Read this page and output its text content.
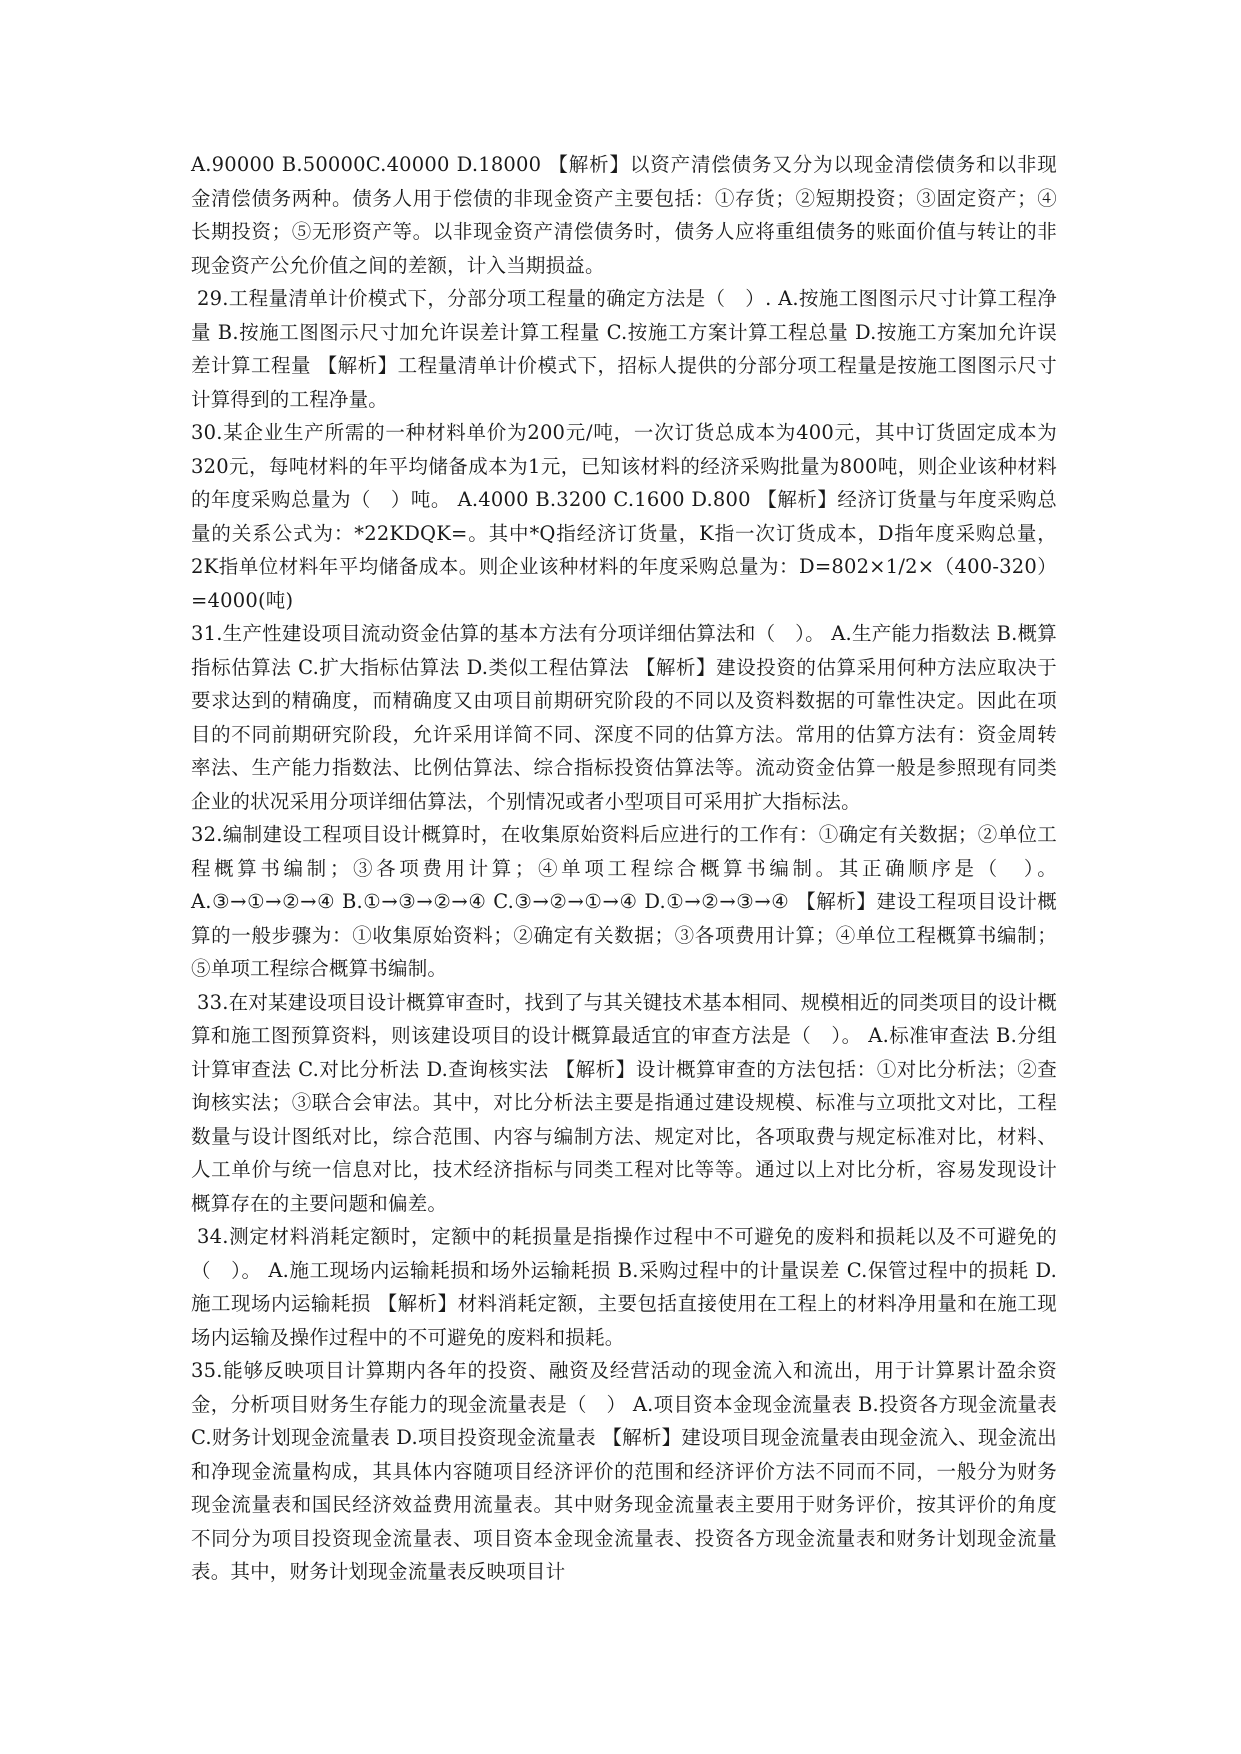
A.90000 B.50000C.40000 D.18000 【解析】以资产清偿债务又分为以现金清偿债务和以非现金清偿债务两种。债务人用于偿债的非现金资产主要包括：①存货；②短期投资；③固定资产；④长期投资；⑤无形资产等。以非现金资产清偿债务时，债务人应将重组债务的账面价值与转让的非现金资产公允价值之间的差额，计入当期损益。

29.工程量清单计价模式下，分部分项工程量的确定方法是（　）. A.按施工图图示尺寸计算工程净量 B.按施工图图示尺寸加允许误差计算工程量 C.按施工方案计算工程总量 D.按施工方案加允许误差计算工程量 【解析】工程量清单计价模式下，招标人提供的分部分项工程量是按施工图图示尺寸计算得到的工程净量。

30.某企业生产所需的一种材料单价为200元/吨，一次订货总成本为400元，其中订货固定成本为320元，每吨材料的年平均储备成本为1元，已知该材料的经济采购批量为800吨，则企业该种材料的年度采购总量为（　）吨。 A.4000 B.3200 C.1600 D.800 【解析】经济订货量与年度采购总量的关系公式为：*22KDQK=。其中*Q指经济订货量，K指一次订货成本，D指年度采购总量，2K指单位材料年平均储备成本。则企业该种材料的年度采购总量为：D=802×1/2×（400-320）=4000(吨)

31.生产性建设项目流动资金估算的基本方法有分项详细估算法和（　）。 A.生产能力指数法 B.概算指标估算法 C.扩大指标估算法 D.类似工程估算法 【解析】建设投资的估算采用何种方法应取决于要求达到的精确度，而精确度又由项目前期研究阶段的不同以及资料数据的可靠性决定。因此在项目的不同前期研究阶段，允许采用详简不同、深度不同的估算方法。常用的估算方法有：资金周转率法、生产能力指数法、比例估算法、综合指标投资估算法等。流动资金估算一般是参照现有同类企业的状况采用分项详细估算法，个别情况或者小型项目可采用扩大指标法。

32.编制建设工程项目设计概算时，在收集原始资料后应进行的工作有：①确定有关数据；②单位工程概算书编制；③各项费用计算；④单项工程综合概算书编制。其正确顺序是（　）。 A.③→①→②→④ B.①→③→②→④ C.③→②→①→④ D.①→②→③→④ 【解析】建设工程项目设计概算的一般步骤为：①收集原始资料；②确定有关数据；③各项费用计算；④单位工程概算书编制；⑤单项工程综合概算书编制。

33.在对某建设项目设计概算审查时，找到了与其关键技术基本相同、规模相近的同类项目的设计概算和施工图预算资料，则该建设项目的设计概算最适宜的审查方法是（　）。 A.标准审查法 B.分组计算审查法 C.对比分析法 D.查询核实法 【解析】设计概算审查的方法包括：①对比分析法；②查询核实法；③联合会审法。其中，对比分析法主要是指通过建设规模、标准与立项批文对比，工程数量与设计图纸对比，综合范围、内容与编制方法、规定对比，各项取费与规定标准对比，材料、人工单价与统一信息对比，技术经济指标与同类工程对比等等。通过以上对比分析，容易发现设计概算存在的主要问题和偏差。

34.测定材料消耗定额时，定额中的耗损量是指操作过程中不可避免的废料和损耗以及不可避免的（　）。 A.施工现场内运输耗损和场外运输耗损 B.采购过程中的计量误差 C.保管过程中的损耗 D.施工现场内运输耗损 【解析】材料消耗定额，主要包括直接使用在工程上的材料净用量和在施工现场内运输及操作过程中的不可避免的废料和损耗。

35.能够反映项目计算期内各年的投资、融资及经营活动的现金流入和流出，用于计算累计盈余资金，分析项目财务生存能力的现金流量表是（　） A.项目资本金现金流量表 B.投资各方现金流量表 C.财务计划现金流量表 D.项目投资现金流量表 【解析】建设项目现金流量表由现金流入、现金流出和净现金流量构成，其具体内容随项目经济评价的范围和经济评价方法不同而不同，一般分为财务现金流量表和国民经济效益费用流量表。其中财务现金流量表主要用于财务评价，按其评价的角度不同分为项目投资现金流量表、项目资本金现金流量表、投资各方现金流量表和财务计划现金流量表。其中，财务计划现金流量表反映项目计
